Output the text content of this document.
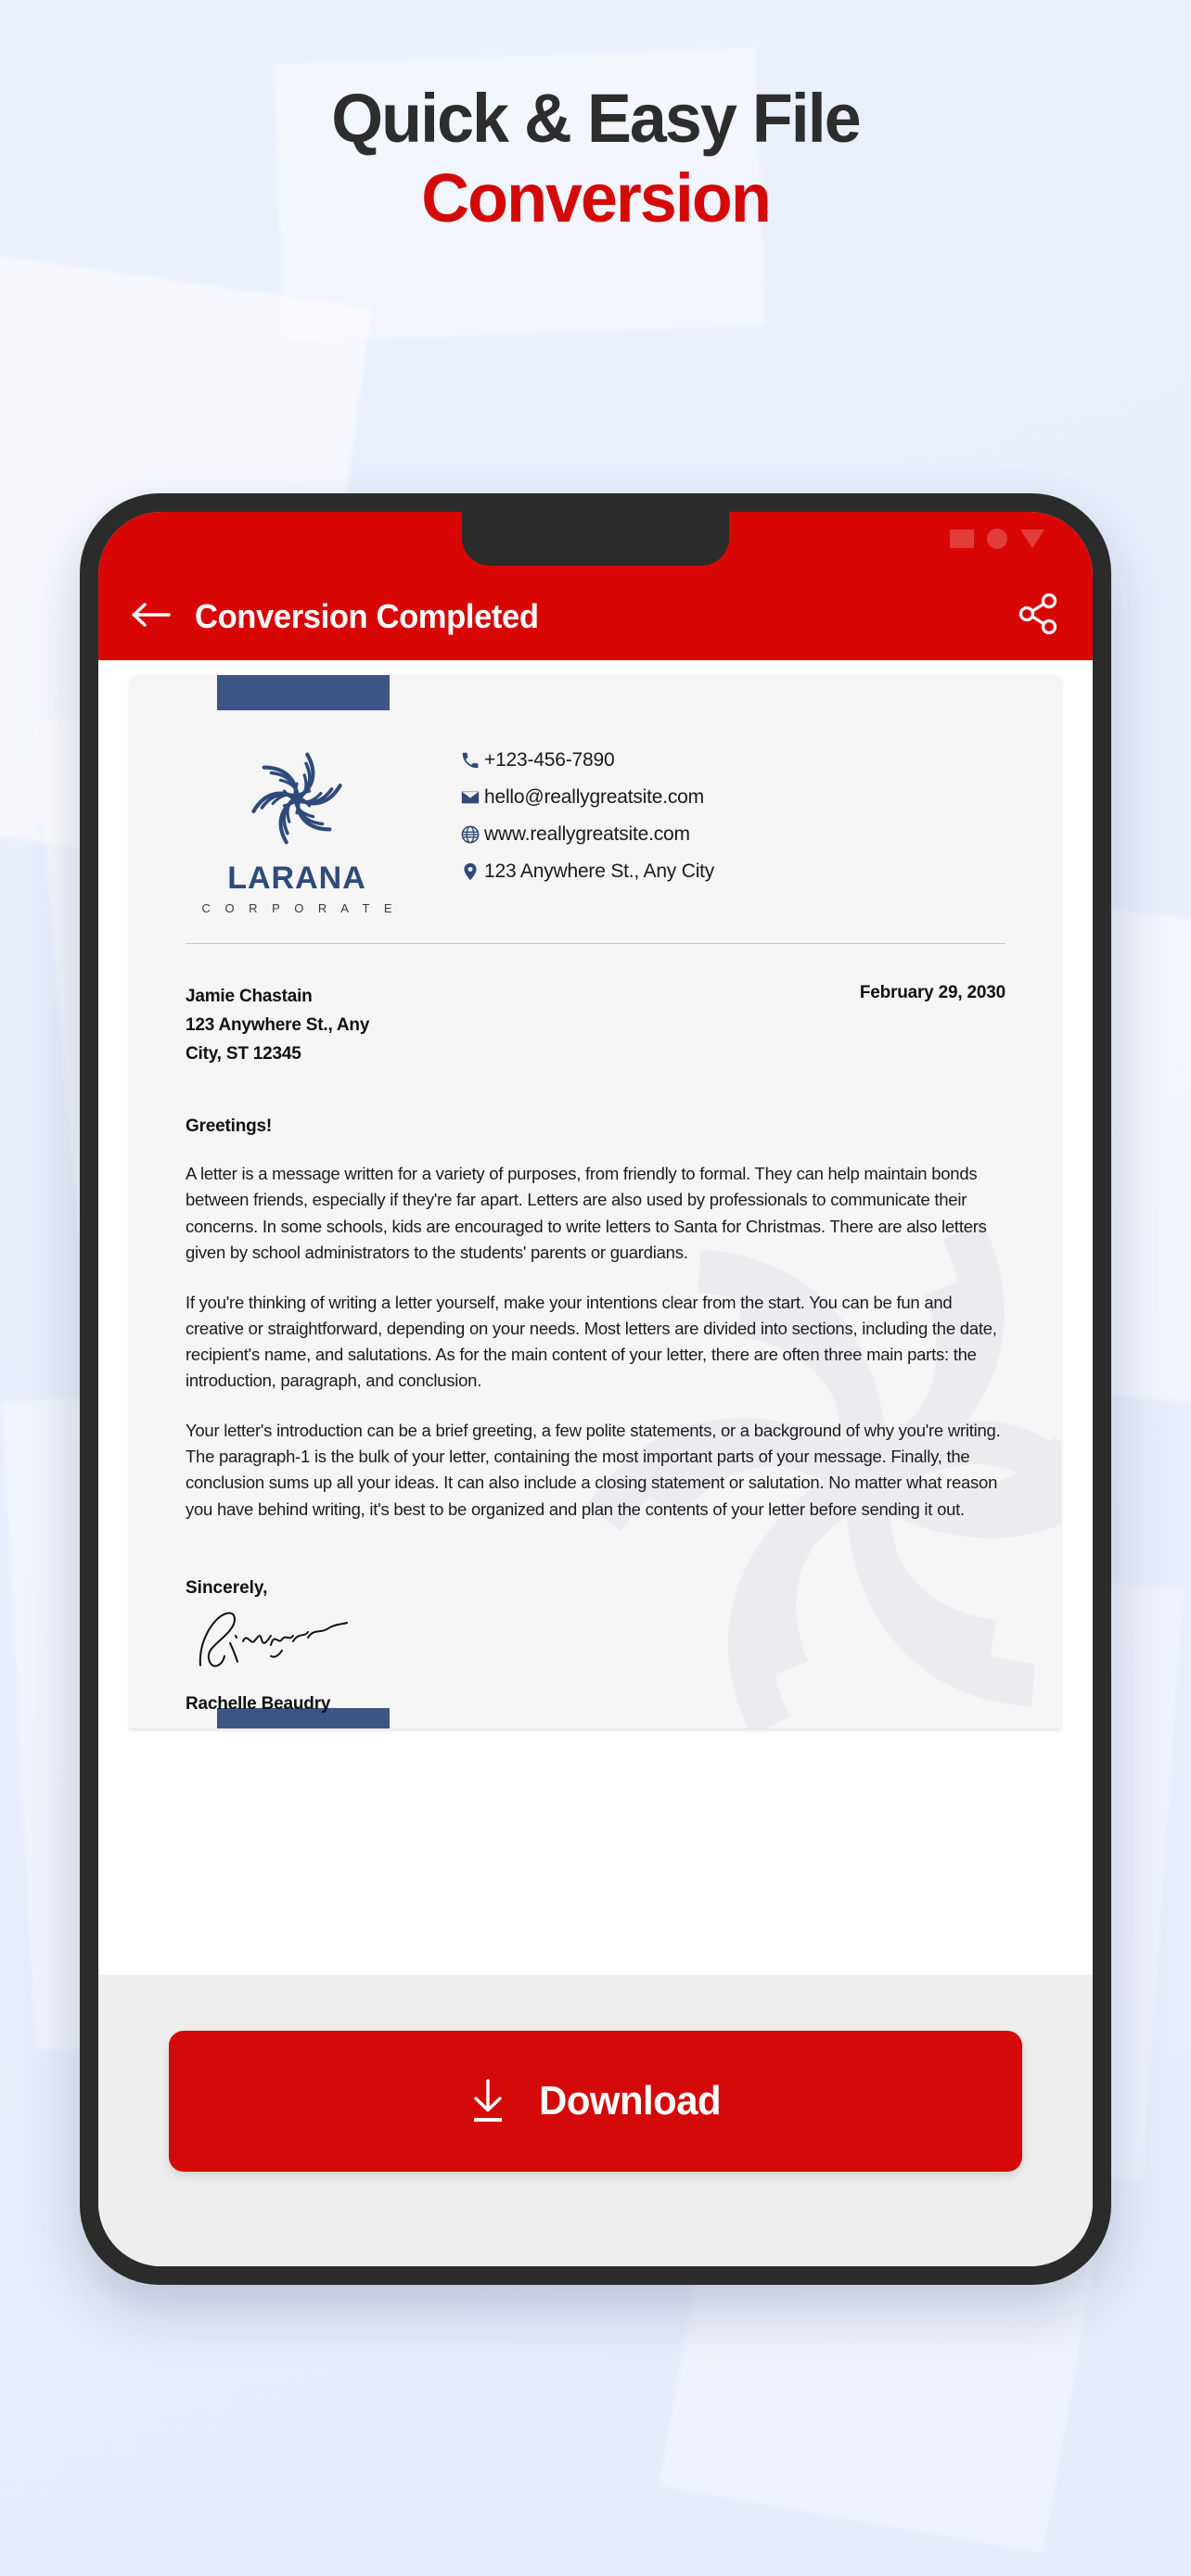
Quick & Easy File
Conversion
Conversion Completed
LARANA
C O R P O R A T E
+123-456-7890
hello@reallygreatsite.com
www.reallygreatsite.com
123 Anywhere St., Any City
Jamie Chastain
123 Anywhere St., Any
City, ST 12345
February 29, 2030
Greetings!
A letter is a message written for a variety of purposes, from friendly to formal. They can help maintain bonds between friends, especially if they're far apart. Letters are also used by professionals to communicate their concerns. In some schools, kids are encouraged to write letters to Santa for Christmas. There are also letters given by school administrators to the students' parents or guardians.
If you're thinking of writing a letter yourself, make your intentions clear from the start. You can be fun and creative or straightforward, depending on your needs. Most letters are divided into sections, including the date, recipient's name, and salutations. As for the main content of your letter, there are often three main parts: the introduction, paragraph, and conclusion.
Your letter's introduction can be a brief greeting, a few polite statements, or a background of why you're writing. The paragraph-1 is the bulk of your letter, containing the most important parts of your message. Finally, the conclusion sums up all your ideas. It can also include a closing statement or salutation. No matter what reason you have behind writing, it's best to be organized and plan the contents of your letter before sending it out.
Sincerely,
Rachelle Beaudry
Download
